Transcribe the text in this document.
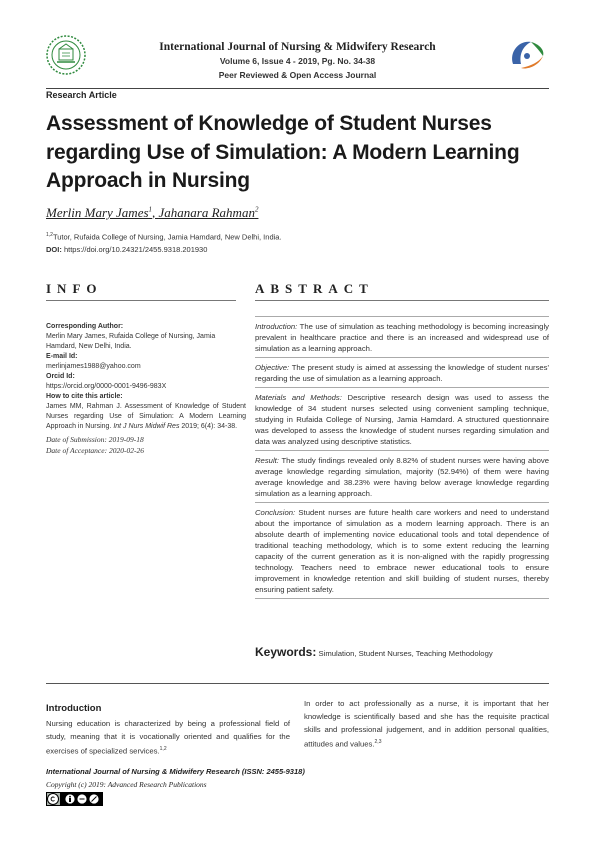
International Journal of Nursing & Midwifery Research
Volume 6, Issue 4 - 2019, Pg. No. 34-38
Peer Reviewed & Open Access Journal
Research Article
Assessment of Knowledge of Student Nurses regarding Use of Simulation: A Modern Learning Approach in Nursing
Merlin Mary James$^1$, Jahanara Rahman$^2$
$^{1,2}$Tutor, Rufaida College of Nursing, Jamia Hamdard, New Delhi, India.
DOI: https://doi.org/10.24321/2455.9318.201930
INFO	ABSTRACT
Corresponding Author:
Merlin Mary James, Rufaida College of Nursing, Jamia Hamdard, New Delhi, India.
E-mail Id:
merlinjames1988@yahoo.com
Orcid Id:
https://orcid.org/0000-0001-9496-983X
How to cite this article:
James MM, Rahman J. Assessment of Knowledge of Student Nurses regarding Use of Simulation: A Modern Learning Approach in Nursing. Int J Nurs Midwif Res 2019; 6(4): 34-38.
Date of Submission: 2019-09-18
Date of Acceptance: 2020-02-26
Introduction: The use of simulation as teaching methodology is becoming increasingly prevalent in healthcare practice and there is an increased and widespread use of simulation as a learning approach.
Objective: The present study is aimed at assessing the knowledge of student nurses' regarding the use of simulation as a learning approach.
Materials and Methods: Descriptive research design was used to assess the knowledge of 34 student nurses selected using convenient sampling technique, studying in Rufaida College of Nursing, Jamia Hamdard. A structured questionnaire was developed to assess the knowledge of student nurses regarding simulation and data was analyzed using descriptive statistics.
Result: The study findings revealed only 8.82% of student nurses were having above average knowledge regarding simulation, majority (52.94%) of them were having average knowledge and 38.23% were having below average knowledge regarding simulation as a learning approach.
Conclusion: Student nurses are future health care workers and need to understand about the importance of simulation as a modern learning approach. There is an absolute dearth of implementing novice educational tools and total dependence of traditional teaching methodology, which is to some extent reducing the learning capacity of the current generation as it is non-aligned with the rapidly progressing technology. Teachers need to embrace newer educational tools to ensure improvement in knowledge retention and skill building of student nurses, thereby ensuring patient safety.
Keywords: Simulation, Student Nurses, Teaching Methodology
Introduction
Nursing education is characterized by being a professional field of study, meaning that it is vocationally oriented and qualifies for the exercises of specialized services.$^{1,2}$
In order to act professionally as a nurse, it is important that her knowledge is scientifically based and she has the requisite practical skills and professional judgement, and in addition personal qualities, attitudes and values.$^{2,3}$
International Journal of Nursing & Midwifery Research (ISSN: 2455-9318)
Copyright (c) 2019: Advanced Research Publications
